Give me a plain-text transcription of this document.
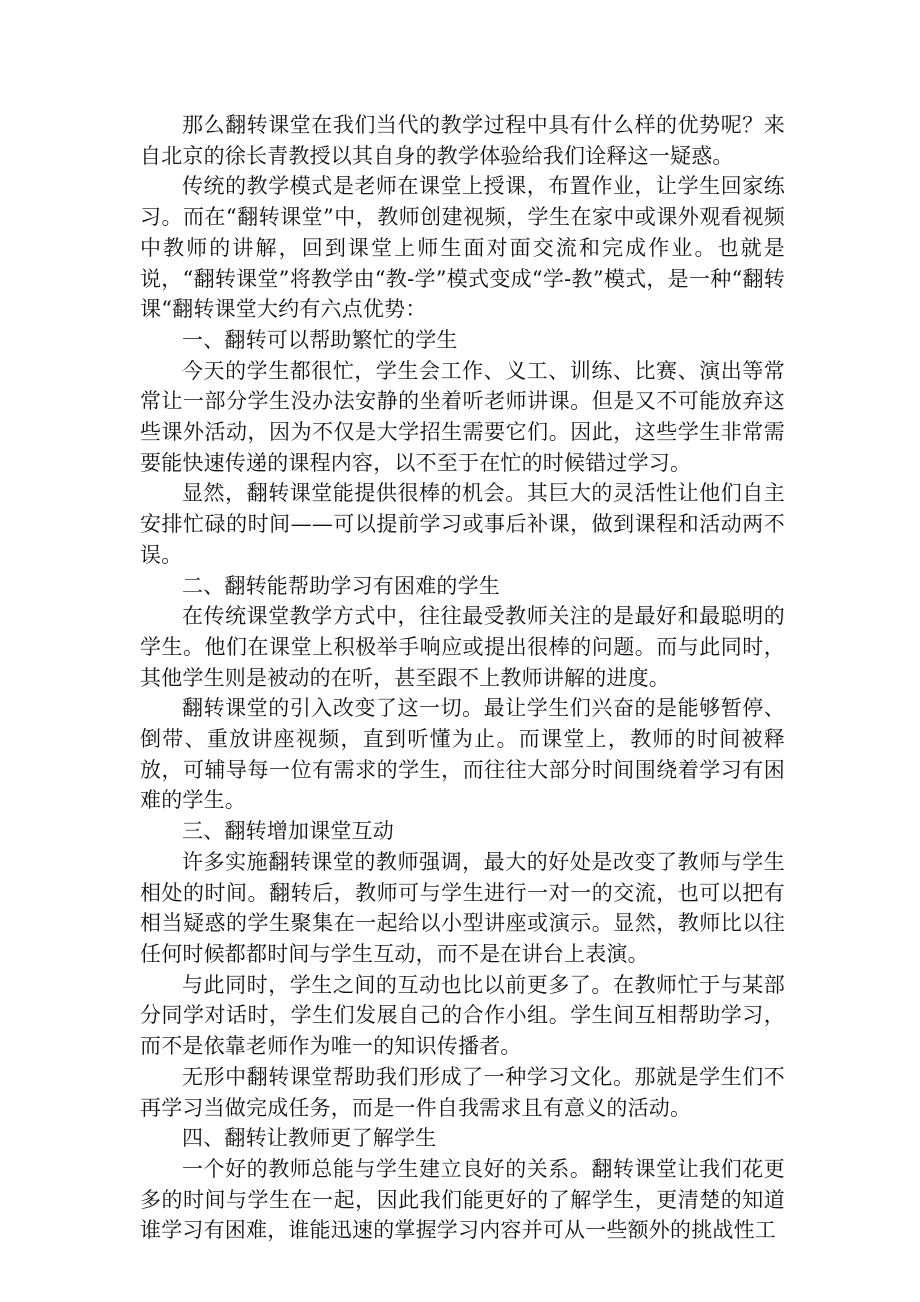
那么翻转课堂在我们当代的教学过程中具有什么样的优势呢？来自北京的徐长青教授以其自身的教学体验给我们诠释这一疑惑。

传统的教学模式是老师在课堂上授课，布置作业，让学生回家练习。而在“翻转课堂”中，教师创建视频，学生在家中或课外观看视频中教师的讲解，回到课堂上师生面对面交流和完成作业。也就是说，“翻转课堂”将教学由“教-学”模式变成“学-教”模式，是一种“翻转课“翻转课堂大约有六点优势：

一、翻转可以帮助繁忙的学生

今天的学生都很忙，学生会工作、义工、训练、比赛、演出等常常让一部分学生没办法安静的坐着听老师讲课。但是又不可能放弃这些课外活动，因为不仅是大学招生需要它们。因此，这些学生非常需要能快速传递的课程内容，以不至于在忙的时候错过学习。

显然，翻转课堂能提供很棒的机会。其巨大的灵活性让他们自主安排忙碌的时间——可以提前学习或事后补课，做到课程和活动两不误。

二、翻转能帮助学习有困难的学生

在传统课堂教学方式中，往往最受教师关注的是最好和最聪明的学生。他们在课堂上积极举手响应或提出很棒的问题。而与此同时，其他学生则是被动的在听，甚至跟不上教师讲解的进度。

翻转课堂的引入改变了这一切。最让学生们兴奋的是能够暂停、倒带、重放讲座视频，直到听懂为止。而课堂上，教师的时间被释放，可辅导每一位有需求的学生，而往往大部分时间围绕着学习有困难的学生。

三、翻转增加课堂互动

许多实施翻转课堂的教师强调，最大的好处是改变了教师与学生相处的时间。翻转后，教师可与学生进行一对一的交流，也可以把有相当疑惑的学生聚集在一起给以小型讲座或演示。显然，教师比以往任何时候都都时间与学生互动，而不是在讲台上表演。

与此同时，学生之间的互动也比以前更多了。在教师忙于与某部分同学对话时，学生们发展自己的合作小组。学生间互相帮助学习，而不是依靠老师作为唯一的知识传播者。

无形中翻转课堂帮助我们形成了一种学习文化。那就是学生们不再学习当做完成任务，而是一件自我需求且有意义的活动。

四、翻转让教师更了解学生

一个好的教师总能与学生建立良好的关系。翻转课堂让我们花更多的时间与学生在一起，因此我们能更好的了解学生，更清楚的知道谁学习有困难，谁能迅速的掌握学习内容并可从一些额外的挑战性工
